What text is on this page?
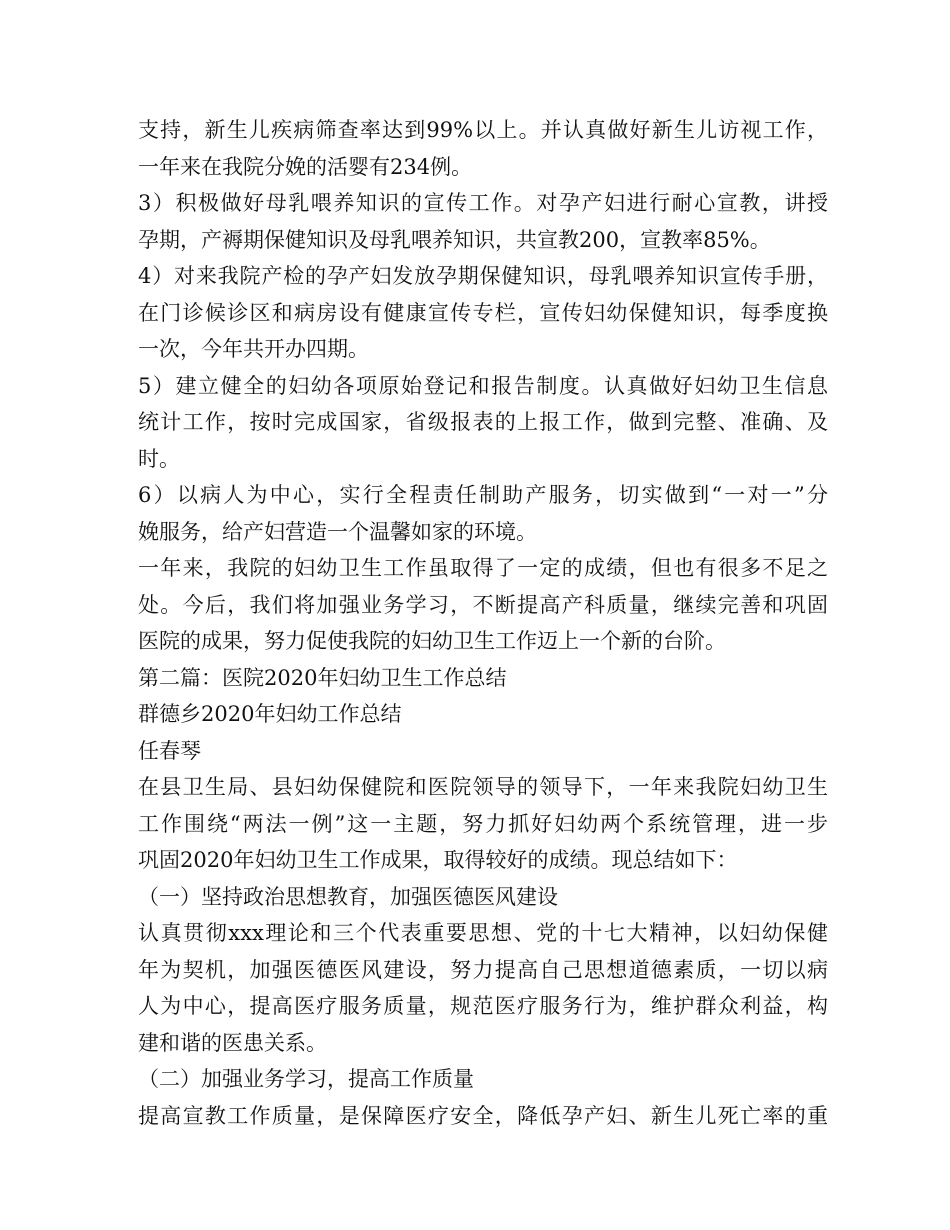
支持，新生儿疾病筛查率达到99%以上。并认真做好新生儿访视工作，
一年来在我院分娩的活婴有234例。
3）积极做好母乳喂养知识的宣传工作。对孕产妇进行耐心宣教，讲授
孕期，产褥期保健知识及母乳喂养知识，共宣教200，宣教率85%。
4）对来我院产检的孕产妇发放孕期保健知识，母乳喂养知识宣传手册，
在门诊候诊区和病房设有健康宣传专栏，宣传妇幼保健知识，每季度换
一次，今年共开办四期。
5）建立健全的妇幼各项原始登记和报告制度。认真做好妇幼卫生信息
统计工作，按时完成国家，省级报表的上报工作，做到完整、准确、及
时。
6）以病人为中心，实行全程责任制助产服务，切实做到“一对一”分
娩服务，给产妇营造一个温馨如家的环境。
一年来，我院的妇幼卫生工作虽取得了一定的成绩，但也有很多不足之
处。今后，我们将加强业务学习，不断提高产科质量，继续完善和巩固
医院的成果，努力促使我院的妇幼卫生工作迈上一个新的台阶。
第二篇：医院2020年妇幼卫生工作总结
群德乡2020年妇幼工作总结
任春琴
在县卫生局、县妇幼保健院和医院领导的领导下，一年来我院妇幼卫生
工作围绕“两法一例”这一主题，努力抓好妇幼两个系统管理，进一步
巩固2020年妇幼卫生工作成果，取得较好的成绩。现总结如下：
（一）坚持政治思想教育，加强医德医风建设
认真贯彻xxx理论和三个代表重要思想、党的十七大精神，以妇幼保健
年为契机，加强医德医风建设，努力提高自己思想道德素质，一切以病
人为中心，提高医疗服务质量，规范医疗服务行为，维护群众利益，构
建和谐的医患关系。
（二）加强业务学习，提高工作质量
提高宣教工作质量，是保障医疗安全，降低孕产妇、新生儿死亡率的重
